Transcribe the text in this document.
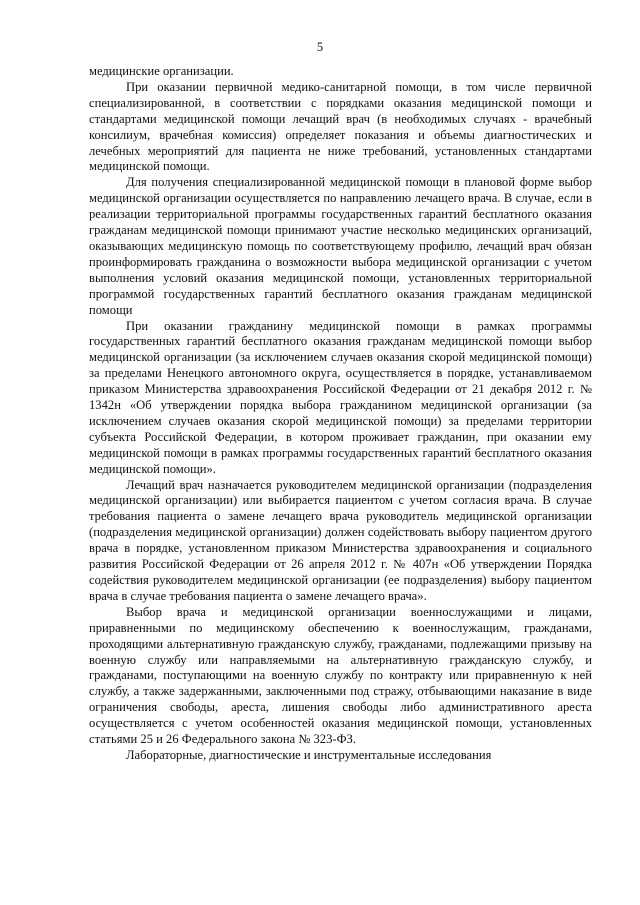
5

медицинские организации.

При оказании первичной медико-санитарной помощи, в том числе первичной специализированной, в соответствии с порядками оказания медицинской помощи и стандартами медицинской помощи лечащий врач (в необходимых случаях - врачебный консилиум, врачебная комиссия) определяет показания и объемы диагностических и лечебных мероприятий для пациента не ниже требований, установленных стандартами медицинской помощи.

Для получения специализированной медицинской помощи в плановой форме выбор медицинской организации осуществляется по направлению лечащего врача. В случае, если в реализации территориальной программы государственных гарантий бесплатного оказания гражданам медицинской помощи принимают участие несколько медицинских организаций, оказывающих медицинскую помощь по соответствующему профилю, лечащий врач обязан проинформировать гражданина о возможности выбора медицинской организации с учетом выполнения условий оказания медицинской помощи, установленных территориальной программой государственных гарантий бесплатного оказания гражданам медицинской помощи

При оказании гражданину медицинской помощи в рамках программы государственных гарантий бесплатного оказания гражданам медицинской помощи выбор медицинской организации (за исключением случаев оказания скорой медицинской помощи) за пределами Ненецкого автономного округа, осуществляется в порядке, устанавливаемом приказом Министерства здравоохранения Российской Федерации от 21 декабря 2012 г. № 1342н «Об утверждении порядка выбора гражданином медицинской организации (за исключением случаев оказания скорой медицинской помощи) за пределами территории субъекта Российской Федерации, в котором проживает гражданин, при оказании ему медицинской помощи в рамках программы государственных гарантий бесплатного оказания медицинской помощи».

Лечащий врач назначается руководителем медицинской организации (подразделения медицинской организации) или выбирается пациентом с учетом согласия врача. В случае требования пациента о замене лечащего врача руководитель медицинской организации (подразделения медицинской организации) должен содействовать выбору пациентом другого врача в порядке, установленном приказом Министерства здравоохранения и социального развития Российской Федерации от 26 апреля 2012 г. № 407н «Об утверждении Порядка содействия руководителем медицинской организации (ее подразделения) выбору пациентом врача в случае требования пациента о замене лечащего врача».

Выбор врача и медицинской организации военнослужащими и лицами, приравненными по медицинскому обеспечению к военнослужащим, гражданами, проходящими альтернативную гражданскую службу, гражданами, подлежащими призыву на военную службу или направляемыми на альтернативную гражданскую службу, и гражданами, поступающими на военную службу по контракту или приравненную к ней службу, а также задержанными, заключенными под стражу, отбывающими наказание в виде ограничения свободы, ареста, лишения свободы либо административного ареста осуществляется с учетом особенностей оказания медицинской помощи, установленных статьями 25 и 26 Федерального закона № 323-ФЗ.

Лабораторные, диагностические и инструментальные исследования
